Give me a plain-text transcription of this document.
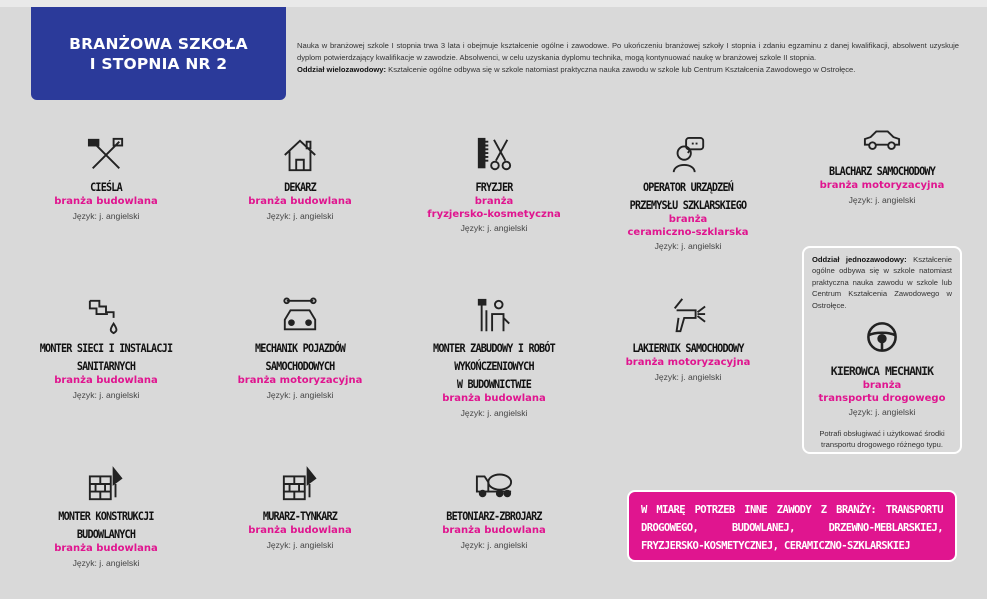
BRANŻOWA SZKOŁA
I STOPNIA NR 2
Nauka w branżowej szkole I stopnia trwa 3 lata i obejmuje kształcenie ogólne i zawodowe. Po ukończeniu branżowej szkoły I stopnia i zdaniu egzaminu z danej kwalifikacji, absolwent uzyskuje dyplom potwierdzający kwalifikacje w zawodzie. Absolwenci, w celu uzyskania dyplomu technika, mogą kontynuować naukę w branżowej szkole II stopnia.
Oddział wielozawodowy: Kształcenie ogólne odbywa się w szkole natomiast praktyczna nauka zawodu w szkole lub Centrum Kształcenia Zawodowego w Ostrołęce.
CIEŚLA
branża budowlana
Język: j. angielski
DEKARZ
branża budowlana
Język: j. angielski
FRYZJER
branża
fryzjersko-kosmetyczna
Język: j. angielski
OPERATOR URZĄDZEŃ
PRZEMYSŁU SZKLARSKIEGO
branża
ceramiczno-szklarska
Język: j. angielski
BLACHARZ SAMOCHODOWY
branża motoryzacyjna
Język: j. angielski
MONTER SIECI I INSTALACJI
SANITARNYCH
branża budowlana
Język: j. angielski
MECHANIK POJAZDÓW
SAMOCHODOWYCH
branża motoryzacyjna
Język: j. angielski
MONTER ZABUDOWY I ROBÓT
WYKOŃCZENIOWYCH
W BUDOWNICTWIE
branża budowlana
Język: j. angielski
LAKIERNIK SAMOCHODOWY
branża motoryzacyjna
Język: j. angielski
MONTER KONSTRUKCJI
BUDOWLANYCH
branża budowlana
Język: j. angielski
MURARZ-TYNKARZ
branża budowlana
Język: j. angielski
BETONIARZ-ZBROJARZ
branża budowlana
Język: j. angielski
Oddział jednozawodowy: Kształcenie ogólne odbywa się w szkole natomiast praktyczna nauka zawodu w szkole lub Centrum Kształcenia Zawodowego w Ostrołęce.
KIEROWCA MECHANIK
branża
transportu drogowego
Język: j. angielski
Potrafi obsługiwać i użytkować środki transportu drogowego różnego typu.
W MIARĘ POTRZEB INNE ZAWODY Z BRANŻY: TRANSPORTU DROGOWEGO, BUDOWLANEJ, DRZEWNO-MEBLARSKIEJ, FRYZJERSKO-KOSMETYCZNEJ, CERAMICZNO-SZKLARSKIEJ
